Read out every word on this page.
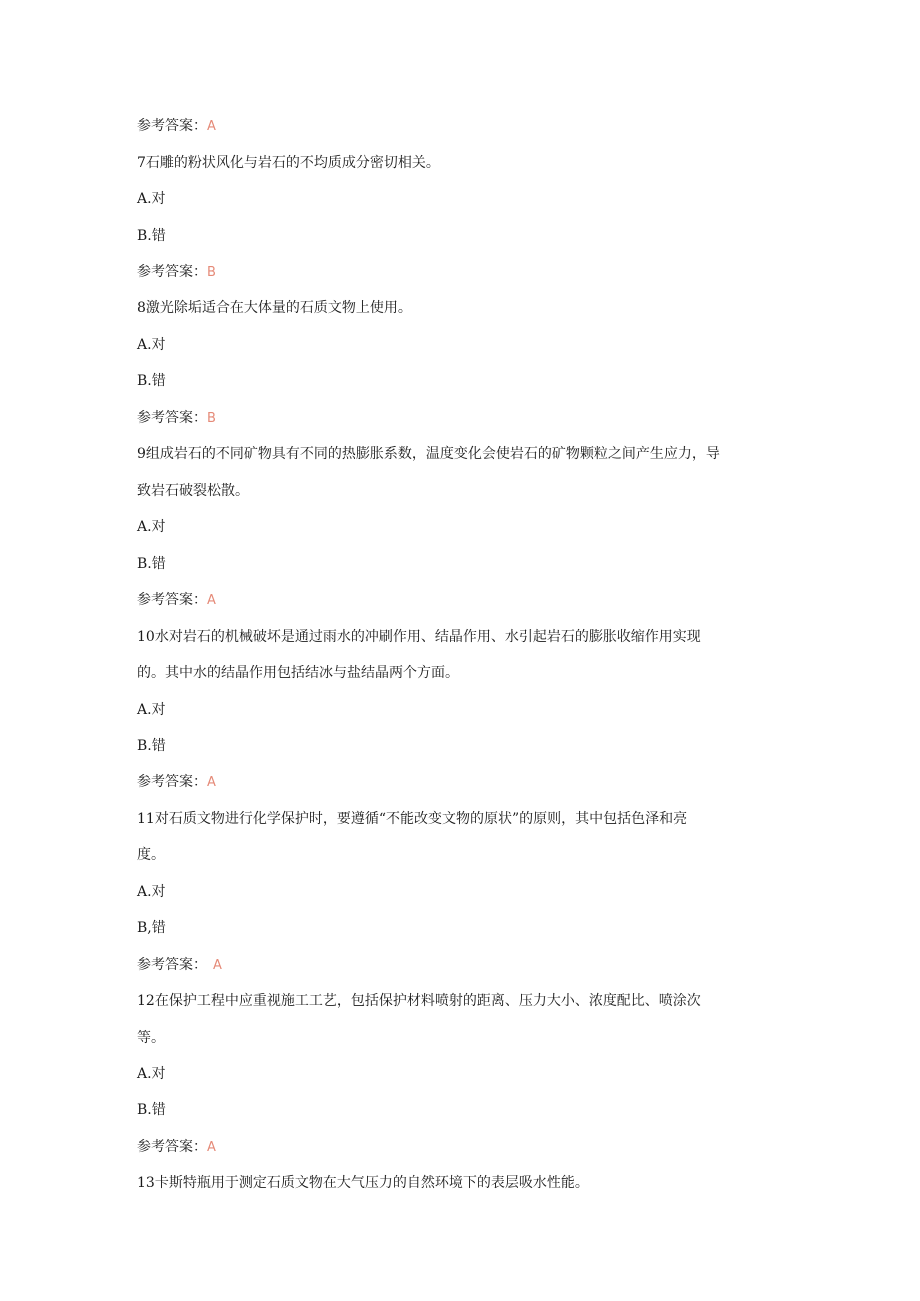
参考答案：A

7石雕的粉状风化与岩石的不均质成分密切相关。

A.对

B.错

参考答案：B

8激光除垢适合在大体量的石质文物上使用。

A.对

B.错

参考答案：B

9组成岩石的不同矿物具有不同的热膨胀系数，温度变化会使岩石的矿物颗粒之间产生应力，导

致岩石破裂松散。

A.对

B.错

参考答案：A

10水对岩石的机械破坏是通过雨水的冲刷作用、结晶作用、水引起岩石的膨胀收缩作用实现

的。其中水的结晶作用包括结冰与盐结晶两个方面。

A.对

B.错

参考答案：A

11对石质文物进行化学保护时，要遵循“不能改变文物的原状”的原则，其中包括色泽和亮

度。

A.对

B,错

参考答案： A

12在保护工程中应重视施工工艺，包括保护材料喷射的距离、压力大小、浓度配比、喷涂次

等。

A.对

B.错

参考答案：A

13卡斯特瓶用于测定石质文物在大气压力的自然环境下的表层吸水性能。
